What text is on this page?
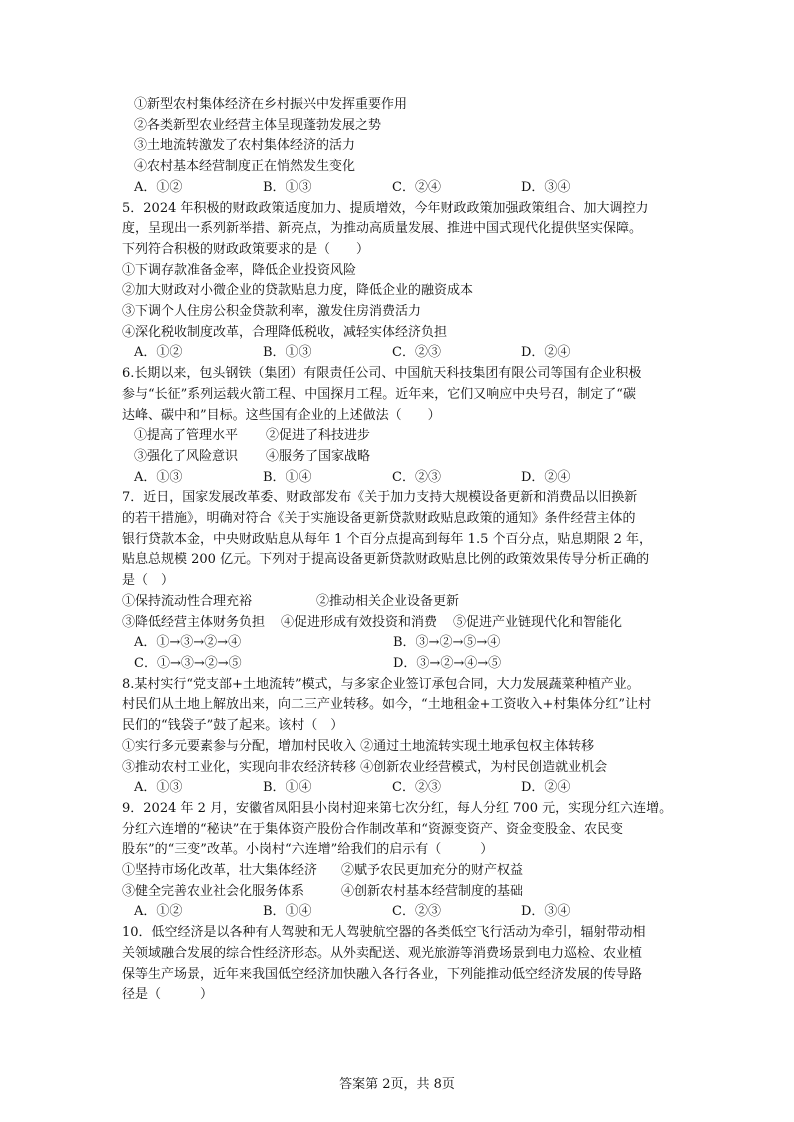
①新型农村集体经济在乡村振兴中发挥重要作用
②各类新型农业经营主体呈现蓬勃发展之势
③土地流转激发了农村集体经济的活力
④农村基本经营制度正在悄然发生变化
A．①②	B．①③	C．②④	D．③④
5．2024 年积极的财政政策适度加力、提质增效，今年财政政策加强政策组合、加大调控力
度，呈现出一系列新举措、新亮点，为推动高质量发展、推进中国式现代化提供坚实保障。
下列符合积极的财政政策要求的是（　　）
①下调存款准备金率，降低企业投资风险
②加大财政对小微企业的贷款贴息力度，降低企业的融资成本
③下调个人住房公积金贷款利率，激发住房消费活力
④深化税收制度改革，合理降低税收，减轻实体经济负担
A．①②	B．①③	C．②③	D．②④
6.长期以来，包头钢铁（集团）有限责任公司、中国航天科技集团有限公司等国有企业积极
参与“长征”系列运载火箭工程、中国探月工程。近年来，它们又响应中央号召，制定了“碳
达峰、碳中和”目标。这些国有企业的上述做法（　　）
①提高了管理水平	②促进了科技进步
③强化了风险意识	④服务了国家战略
A．①③	B．①④	C．②③	D．②④
7．近日，国家发展改革委、财政部发布《关于加力支持大规模设备更新和消费品以旧换新
的若干措施》，明确对符合《关于实施设备更新贷款财政贴息政策的通知》条件经营主体的
银行贷款本金，中央财政贴息从每年 1 个百分点提高到每年 1.5 个百分点，贴息期限 2 年，
贴息总规模 200 亿元。下列对于提高设备更新贷款财政贴息比例的政策效果传导分析正确的
是（　）
①保持流动性合理充裕	②推动相关企业设备更新
③降低经营主体财务负担 ④促进形成有效投资和消费 ⑤促进产业链现代化和智能化
A．①→③→②→④	B．③→②→⑤→④
C．①→③→②→⑤	D．③→②→④→⑤
8.某村实行“党支部+土地流转”模式，与多家企业签订承包合同，大力发展蔬菜种植产业。
村民们从土地上解放出来，向二三产业转移。如今，“土地租金+工资收入+村集体分红”让村
民们的“钱袋子”鼓了起来。该村（　）
①实行多元要素参与分配，增加村民收入 ②通过土地流转实现土地承包权主体转移
③推动农村工业化，实现向非农经济转移 ④创新农业经营模式，为村民创造就业机会
A．①③	B．①④	C．②③	D．②④
9．2024 年 2 月，安徽省凤阳县小岗村迎来第七次分红，每人分红 700 元，实现分红六连增。
分红六连增的“秘诀”在于集体资产股份合作制改革和“资源变资产、资金变股金、农民变
股东”的“三变”改革。小岗村“六连增”给我们的启示有（　　　）
①坚持市场化改革，壮大集体经济	②赋予农民更加充分的财产权益
③健全完善农业社会化服务体系	④创新农村基本经营制度的基础
A．①②	B．①④	C．②③	D．③④
10．低空经济是以各种有人驾驶和无人驾驶航空器的各类低空飞行活动为牵引，辐射带动相
关领域融合发展的综合性经济形态。从外卖配送、观光旅游等消费场景到电力巡检、农业植
保等生产场景，近年来我国低空经济加快融入各行各业，下列能推动低空经济发展的传导路
径是（　　　）
答案第 2页，共 8页
